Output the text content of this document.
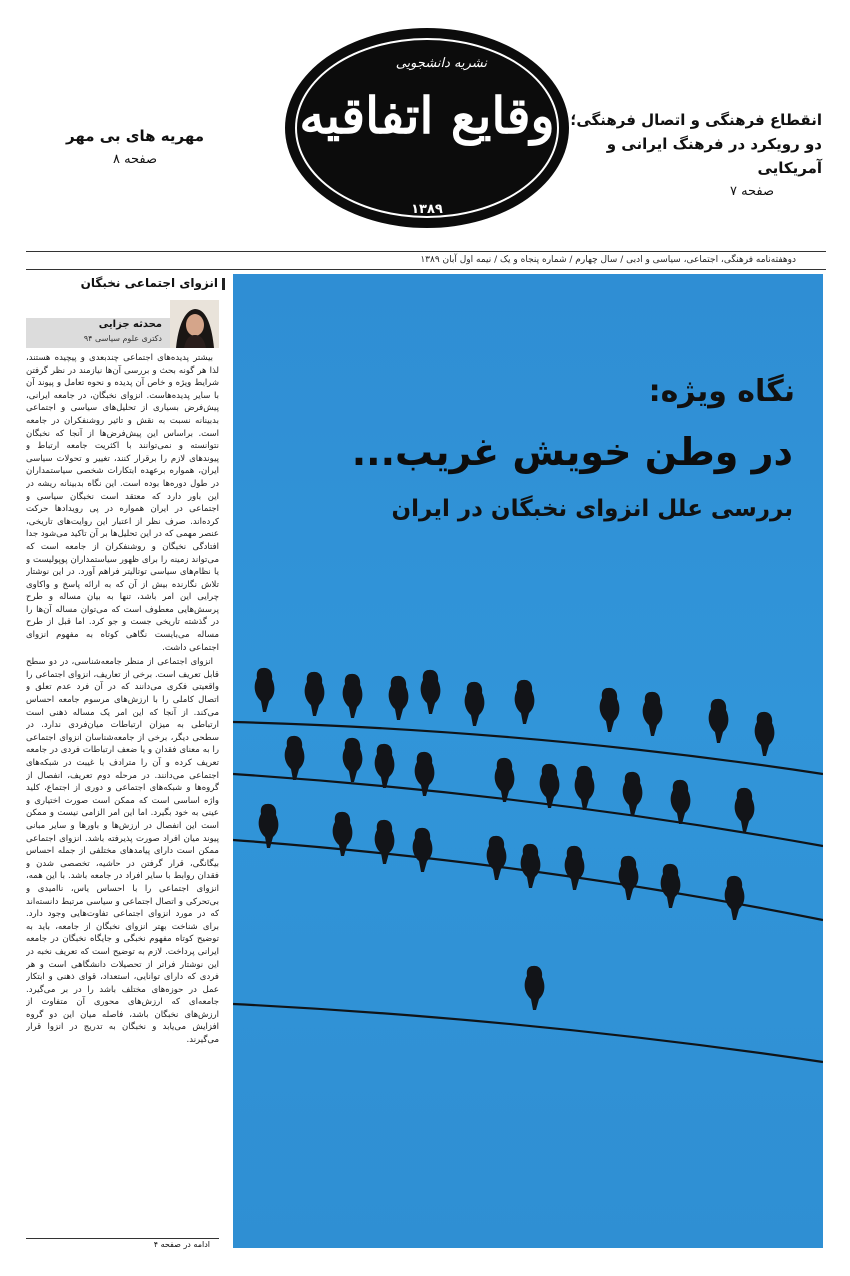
نشریه دانشجویی
وقایع اتفاقیه
۱۳۸۹
انقطاع فرهنگی و اتصال فرهنگی؛
دو رویکرد در فرهنگ ایرانی و آمریکایی
صفحه ۷
مهریه های بی مهر
صفحه ۸
دوهفته‌نامه فرهنگی، اجتماعی، سیاسی و ادبی / سال چهارم / شماره پنجاه و یک / نیمه اول آبان ۱۳۸۹
انزوای اجتماعی نخبگان
محدثه جزایی
دکتری علوم سیاسی ۹۴

بیشتر پدیده‌های اجتماعی چندبعدی و پیچیده هستند، لذا هر گونه بحث و بررسی آن‌ها نیازمند در نظر گرفتن شرایط ویژه و خاص آن پدیده و نحوه تعامل و پیوند آن با سایر پدیده‌هاست. انزوای نخبگان، در جامعه ایرانی، پیش‌فرض بسیاری از تحلیل‌های سیاسی و اجتماعی بدبینانه نسبت به نقش و تاثیر روشنفکران در جامعه است. براساس این پیش‌فرض‌ها از آنجا که نخبگان نتوانسته و نمی‌توانند با اکثریت جامعه ارتباط و پیوندهای لازم را برقرار کنند، تغییر و تحولات سیاسی ایران، همواره برعهده ابتکارات شخصی سیاستمداران در طول دوره‌ها بوده است. این نگاه بدبینانه ریشه در این باور دارد که معتقد است نخبگان سیاسی و اجتماعی در ایران همواره در پی رویدادها حرکت کرده‌اند. صرف نظر از اعتبار این روایت‌های تاریخی، عنصر مهمی که در این تحلیل‌ها بر آن تاکید می‌شود جدا افتادگی نخبگان و روشنفکران از جامعه است که می‌تواند زمینه را برای ظهور سیاستمداران پوپولیست و یا نظام‌های سیاسی توتالیتر فراهم آورد. در این نوشتار تلاش نگارنده بیش از آن که به ارائه پاسخ و واکاوی چرایی این امر باشد، تنها به بیان مساله و طرح پرسش‌هایی معطوف است که می‌توان مساله آن‌ها را در گذشته تاریخی جست و جو کرد. اما قبل از طرح مساله می‌بایست نگاهی کوتاه به مفهوم انزوای اجتماعی داشت.

انزوای اجتماعی از منظر جامعه‌شناسی، در دو سطح قابل تعریف است. برخی از تعاریف، انزوای اجتماعی را واقعیتی فکری می‌دانند که در آن فرد عدم تعلق و اتصال کاملی را با ارزش‌های مرسوم جامعه احساس می‌کند. از آنجا که این امر یک مساله ذهنی است ارتباطی به میزان ارتباطات میان‌فردی ندارد. در سطحی دیگر، برخی از جامعه‌شناسان انزوای اجتماعی را به معنای فقدان و یا ضعف ارتباطات فردی در جامعه تعریف کرده و آن را مترادف با غیبت در شبکه‌های اجتماعی می‌دانند. در مرحله دوم تعریف، انفصال از گروه‌ها و شبکه‌های اجتماعی و دوری از اجتماع، کلید واژه اساسی است که ممکن است صورت اختیاری و عینی به خود بگیرد. اما این امر الزامی نیست و ممکن است این انفصال در ارزش‌ها و باورها و سایر مبانی پیوند میان افراد صورت پذیرفته باشد. انزوای اجتماعی ممکن است دارای پیامدهای مختلفی از جمله احساس بیگانگی، قرار گرفتن در حاشیه، تخصصی شدن و فقدان روابط با سایر افراد در جامعه باشد. با این همه، انزوای اجتماعی را با احساس یاس، ناامیدی و بی‌تحرکی و اتصال اجتماعی و سیاسی مرتبط دانسته‌اند که در مورد انزوای اجتماعی تفاوت‌هایی وجود دارد. برای شناخت بهتر انزوای نخبگان از جامعه، باید به توضیح کوتاه مفهوم نخبگی و جایگاه نخبگان در جامعه ایرانی پرداخت. لازم به توضیح است که تعریف نخبه در این نوشتار فراتر از تحصیلات دانشگاهی است و هر فردی که دارای توانایی، استعداد، قوای ذهنی و ابتکار عمل در حوزه‌های مختلف باشد را در بر می‌گیرد. جامعه‌ای که ارزش‌های محوری آن متفاوت از ارزش‌های نخبگان باشد، فاصله میان این دو گروه افزایش می‌یابد و نخبگان به تدریج در انزوا قرار می‌گیرند.

ادامه در صفحه ۴
نگاه ویژه:
در وطن خویش غریب...
بررسی علل انزوای نخبگان در ایران
